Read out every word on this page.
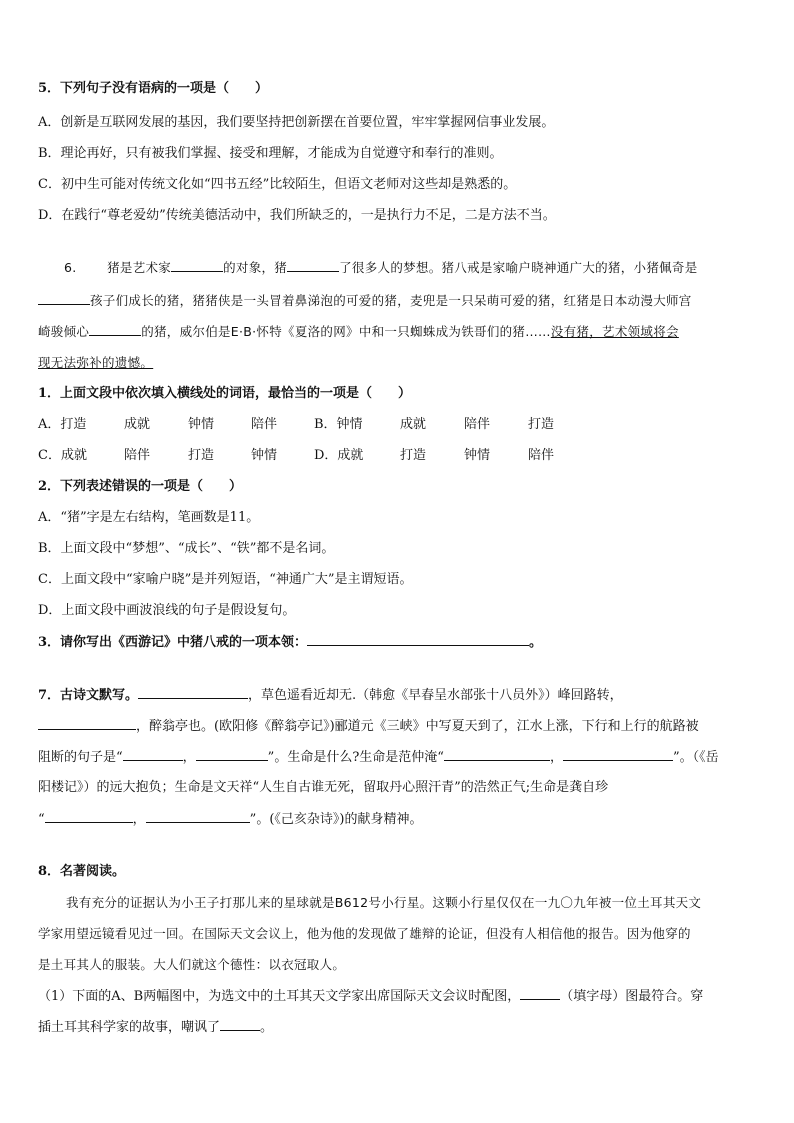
5．下列句子没有语病的一项是（　　）
A．创新是互联网发展的基因，我们要坚持把创新摆在首要位置，牢牢掌握网信事业发展。
B．理论再好，只有被我们掌握、接受和理解，才能成为自觉遵守和奉行的准则。
C．初中生可能对传统文化如“四书五经”比较陌生，但语文老师对这些却是熟悉的。
D．在践行“尊老爱幼”传统美德活动中，我们所缺乏的，一是执行力不足，二是方法不当。
6. 猪是艺术家	的对象，猪	了很多人的梦想。猪八戒是家喻户晓神通广大的猪，小猪佩奇是
孩子们成长的猪，猪猪侠是一头冒着鼻涕泡的可爱的猪，麦兜是一只呆萌可爱的猪，红猪是日本动漫大师宫
崎骏倾心	的猪，威尔伯是E·B·怀特《夏洛的网》中和一只蜘蛛成为铁哥们的猪……没有猪，艺术领域将会
现无法弥补的遗憾。
1．上面文段中依次填入横线处的词语，最恰当的一项是（　　）
A．打造	成就	钟情	陪伴	B．钟情	成就	陪伴	打造
C．成就	陪伴	打造	钟情	D．成就	打造	钟情	陪伴
2．下列表述错误的一项是（　　）
A．“猪”字是左右结构，笔画数是11。
B．上面文段中“梦想”、“成长”、“铁”都不是名词。
C．上面文段中“家喻户晓”是并列短语，“神通广大”是主谓短语。
D．上面文段中画波浪线的句子是假设复句。
3．请你写出《西游记》中猪八戒的一项本领：	。
7．古诗文默写。	，草色遥看近却无.（韩愈《早春呈水部张十八员外》）峰回路转，
，醉翁亭也。(欧阳修《醉翁亭记》)郦道元《三峡》中写夏天到了，江水上涨，下行和上行的航路被
阻断的句子是“	，	”。生命是什么?生命是范仲淹“	，	”。（《岳
阳楼记》）的远大抱负；生命是文天祥“人生自古谁无死，留取丹心照汗青”的浩然正气;生命是龚自珍
“	，	”。(《己亥杂诗》)的献身精神。
8．名著阅读。
我有充分的证据认为小王子打那儿来的星球就是B612号小行星。这颗小行星仅仅在一九〇九年被一位土耳其天文
学家用望远镜看见过一回。在国际天文会议上，他为他的发现做了雄辩的论证，但没有人相信他的报告。因为他穿的
是土耳其人的服装。大人们就这个德性：以衣冠取人。
（1）下面的A、B两幅图中，为选文中的土耳其天文学家出席国际天文会议时配图，	（填字母）图最符合。穿
插土耳其科学家的故事，嘲讽了	。
